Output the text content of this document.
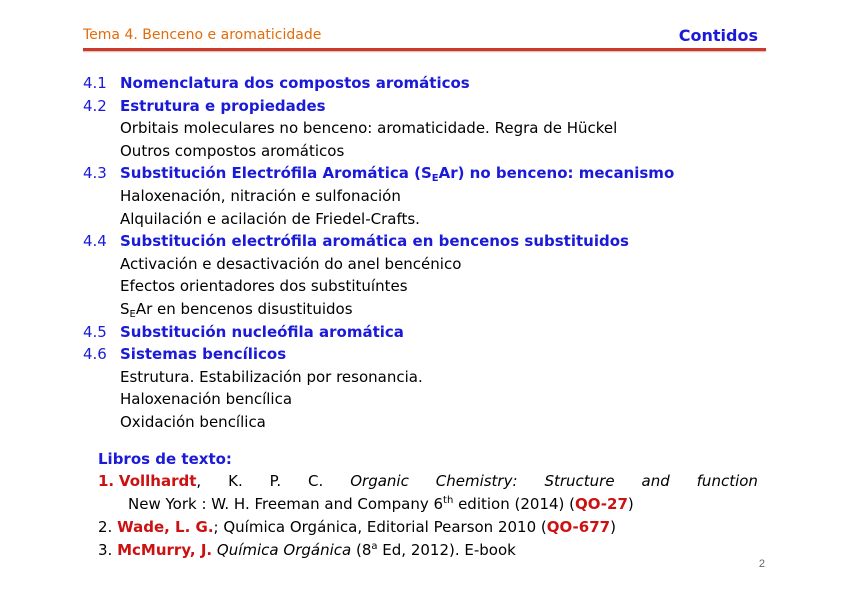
Tema 4. Benceno e aromaticidade	Contidos
4.1 Nomenclatura dos compostos aromáticos
4.2 Estrutura e propiedades
Orbitais moleculares no benceno: aromaticidade. Regra de Hückel
Outros compostos aromáticos
4.3 Substitución Electrófila Aromática $(S_EAr)$ no benceno: mecanismo
Haloxenación, nitración e sulfonación
Alquilación e acilación de Friedel-Crafts.
4.4 Substitución electrófila aromática en bencenos substituidos
Activación e desactivación do anel bencénico
Efectos orientadores dos substituíntes
$S_EAr$ en bencenos disustituidos
4.5 Substitución nucleófila aromática
4.6 Sistemas bencílicos
Estrutura. Estabilización por resonancia.
Haloxenación bencílica
Oxidación bencílica
Libros de texto:
1. Vollhardt, K. P. C. Organic Chemistry: Structure and function
New York : W. H. Freeman and Company 6th edition (2014) (QO-27)
2. Wade, L. G.; Química Orgánica, Editorial Pearson 2010 (QO-677)
3. McMurry, J. Química Orgánica (8$^a$ Ed, 2012). E-book
2
